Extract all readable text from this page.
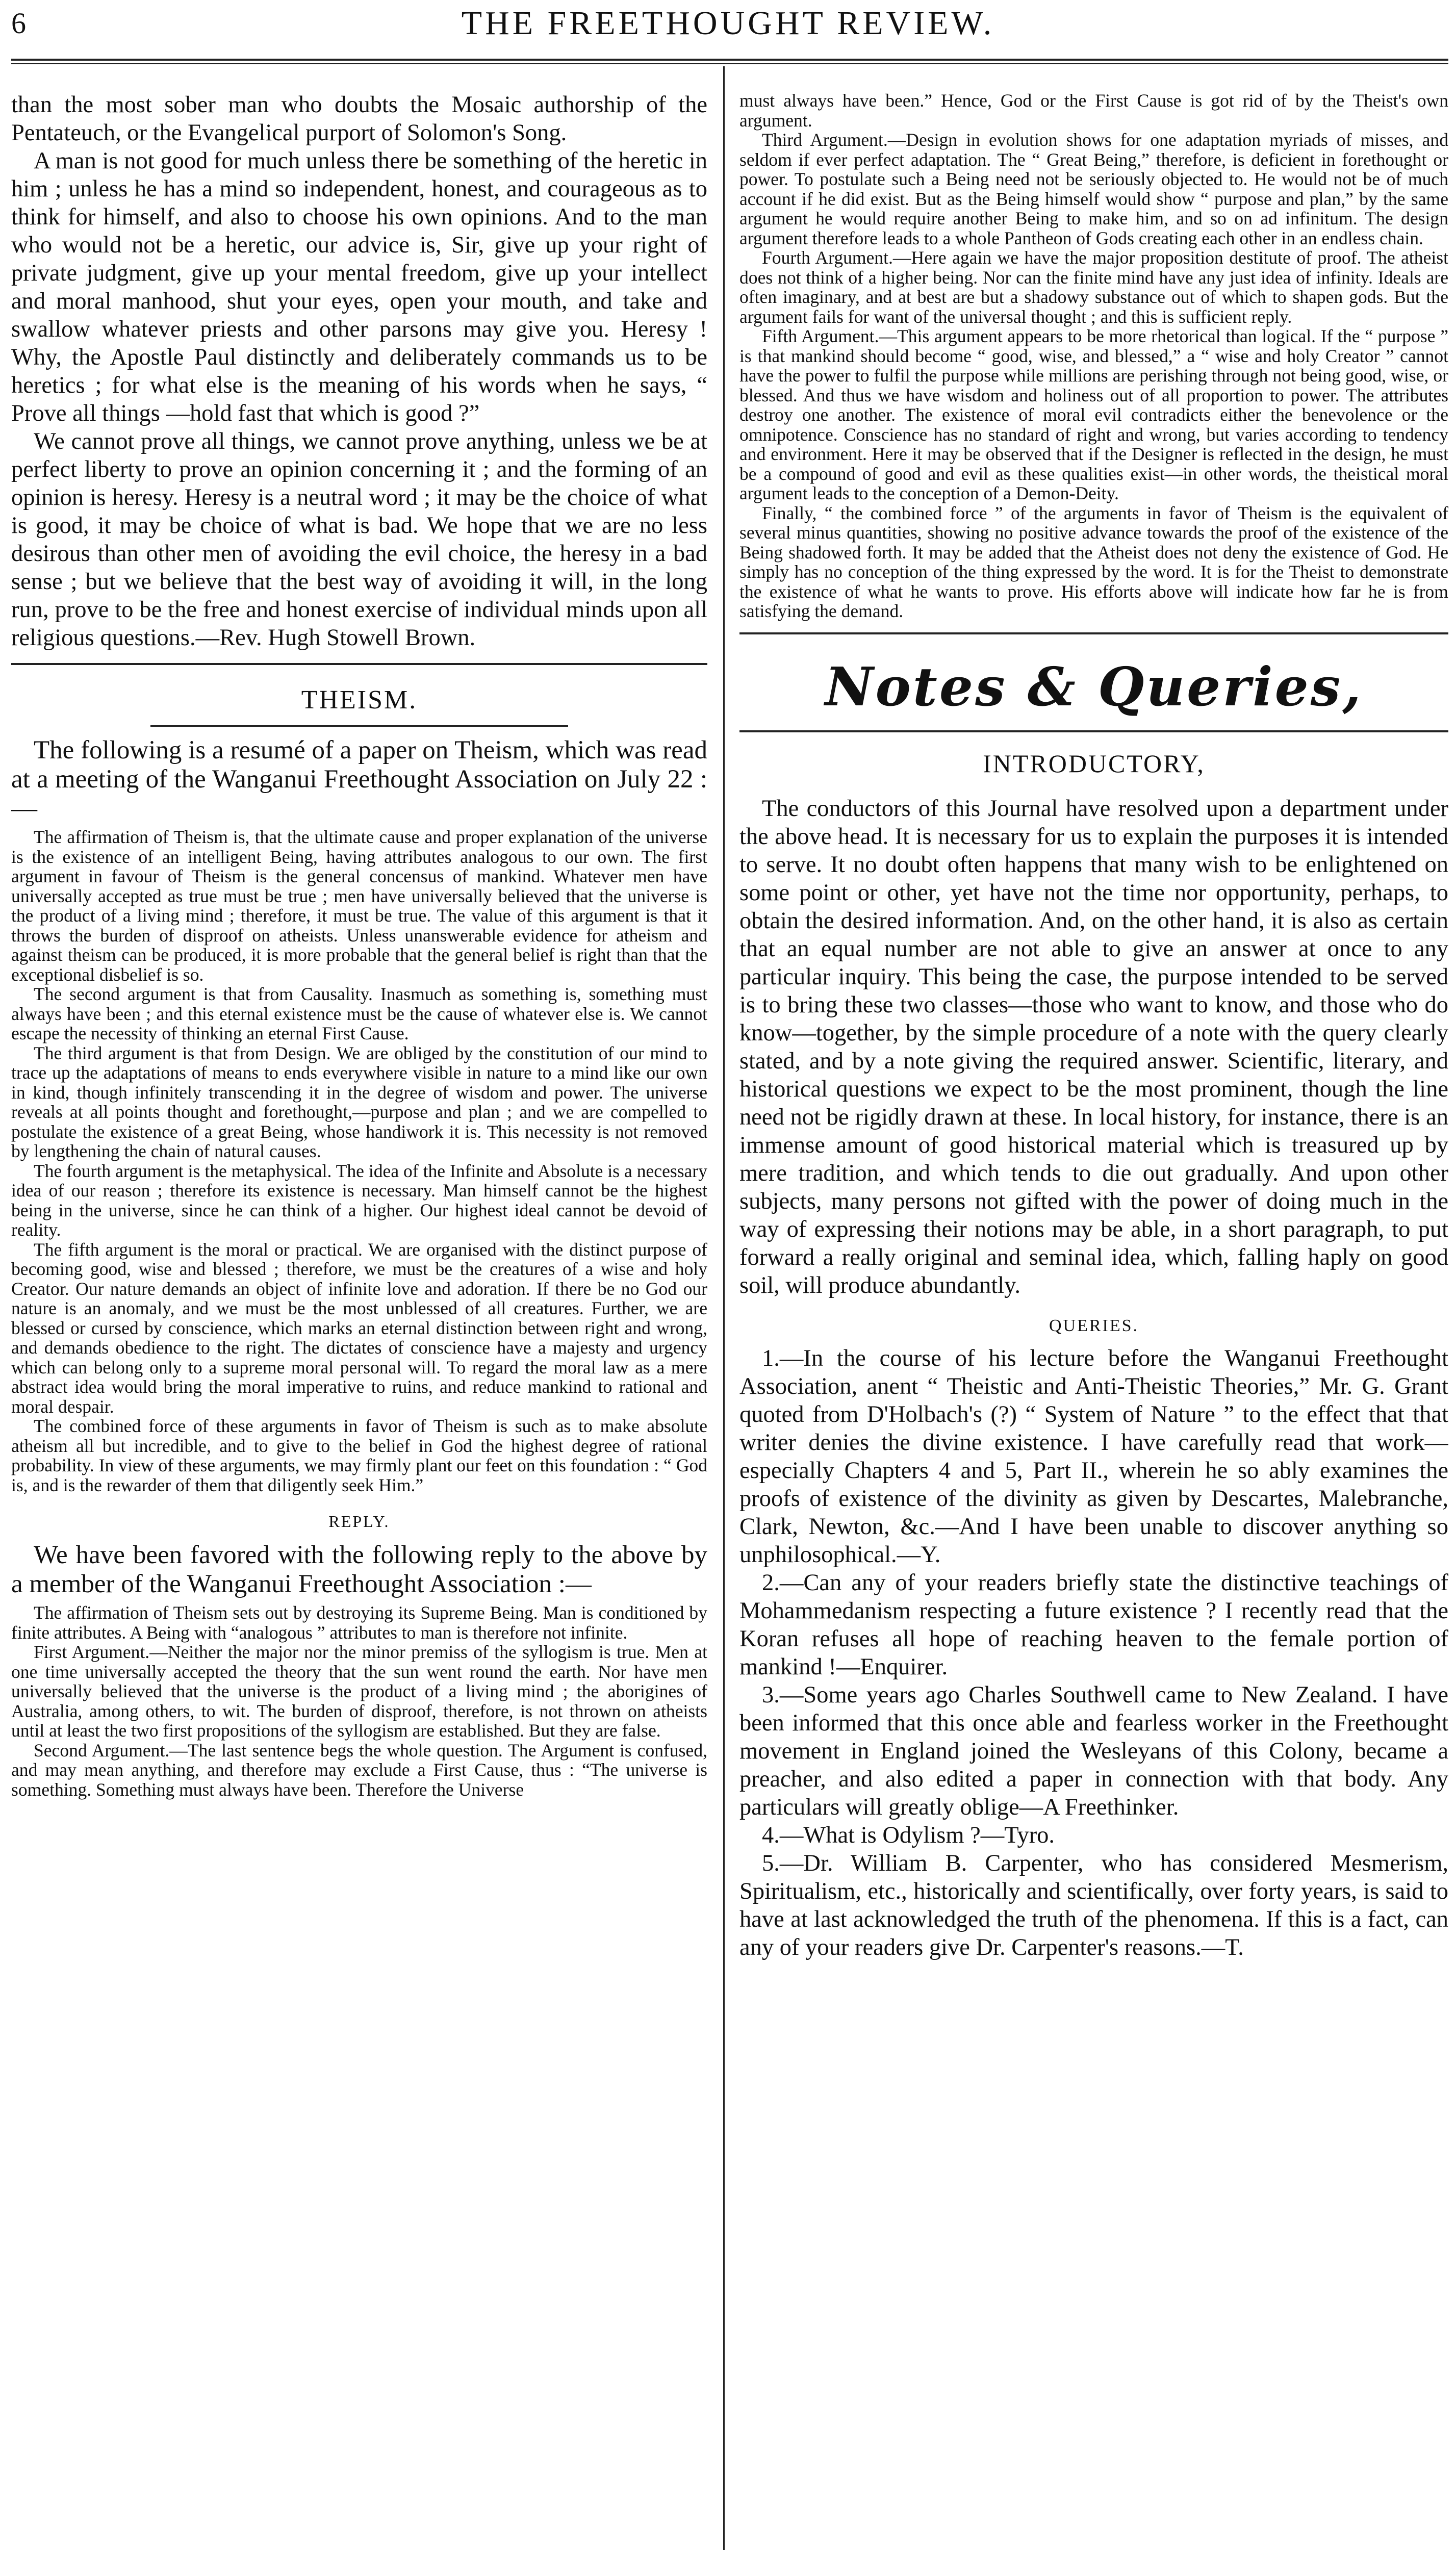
6	THE FREETHOUGHT REVIEW.

than the most sober man who doubts the Mosaic authorship of the Pentateuch, or the Evangelical purport of Solomon's Song.

A man is not good for much unless there be something of the heretic in him ; unless he has a mind so independent, honest, and courageous as to think for himself, and also to choose his own opinions. And to the man who would not be a heretic, our advice is, Sir, give up your right of private judgment, give up your mental freedom, give up your intellect and moral manhood, shut your eyes, open your mouth, and take and swallow whatever priests and other parsons may give you. Heresy ! Why, the Apostle Paul distinctly and deliberately commands us to be heretics ; for what else is the meaning of his words when he says, “ Prove all things —hold fast that which is good ?”

We cannot prove all things, we cannot prove anything, unless we be at perfect liberty to prove an opinion concerning it ; and the forming of an opinion is heresy. Heresy is a neutral word ; it may be the choice of what is good, it may be choice of what is bad. We hope that we are no less desirous than other men of avoiding the evil choice, the heresy in a bad sense ; but we believe that the best way of avoiding it will, in the long run, prove to be the free and honest exercise of individual minds upon all religious questions.—Rev. Hugh Stowell Brown.

THEISM.

The following is a resumé of a paper on Theism, which was read at a meeting of the Wanganui Freethought Association on July 22 :—

The affirmation of Theism is, that the ultimate cause and proper explanation of the universe is the existence of an intelligent Being, having attributes analogous to our own. The first argument in favour of Theism is the general concensus of mankind. Whatever men have universally accepted as true must be true ; men have universally believed that the universe is the product of a living mind ; therefore, it must be true. The value of this argument is that it throws the burden of disproof on atheists. Unless unanswerable evidence for atheism and against theism can be produced, it is more probable that the general belief is right than that the exceptional disbelief is so.

The second argument is that from Causality. Inasmuch as something is, something must always have been ; and this eternal existence must be the cause of whatever else is. We cannot escape the necessity of thinking an eternal First Cause.

The third argument is that from Design. We are obliged by the constitution of our mind to trace up the adaptations of means to ends everywhere visible in nature to a mind like our own in kind, though infinitely transcending it in the degree of wisdom and power. The universe reveals at all points thought and forethought,—purpose and plan ; and we are compelled to postulate the existence of a great Being, whose handiwork it is. This necessity is not removed by lengthening the chain of natural causes.

The fourth argument is the metaphysical. The idea of the Infinite and Absolute is a necessary idea of our reason ; therefore its existence is necessary. Man himself cannot be the highest being in the universe, since he can think of a higher. Our highest ideal cannot be devoid of reality.

The fifth argument is the moral or practical. We are organised with the distinct purpose of becoming good, wise and blessed ; therefore, we must be the creatures of a wise and holy Creator. Our nature demands an object of infinite love and adoration. If there be no God our nature is an anomaly, and we must be the most unblessed of all creatures. Further, we are blessed or cursed by conscience, which marks an eternal distinction between right and wrong, and demands obedience to the right. The dictates of conscience have a majesty and urgency which can belong only to a supreme moral personal will. To regard the moral law as a mere abstract idea would bring the moral imperative to ruins, and reduce mankind to rational and moral despair.

The combined force of these arguments in favor of Theism is such as to make absolute atheism all but incredible, and to give to the belief in God the highest degree of rational probability. In view of these arguments, we may firmly plant our feet on this foundation : “ God is, and is the rewarder of them that diligently seek Him.”

REPLY.

We have been favored with the following reply to the above by a member of the Wanganui Freethought Association :—

The affirmation of Theism sets out by destroying its Supreme Being. Man is conditioned by finite attributes. A Being with “analogous ” attributes to man is therefore not infinite.

First Argument.—Neither the major nor the minor premiss of the syllogism is true. Men at one time universally accepted the theory that the sun went round the earth. Nor have men universally believed that the universe is the product of a living mind ; the aborigines of Australia, among others, to wit. The burden of disproof, therefore, is not thrown on atheists until at least the two first propositions of the syllogism are established. But they are false.

Second Argument.—The last sentence begs the whole question. The Argument is confused, and may mean anything, and therefore may exclude a First Cause, thus : “The universe is something. Something must always have been. Therefore the Universe

must always have been.” Hence, God or the First Cause is got rid of by the Theist's own argument.

Third Argument.—Design in evolution shows for one adaptation myriads of misses, and seldom if ever perfect adaptation. The “ Great Being,” therefore, is deficient in forethought or power. To postulate such a Being need not be seriously objected to. He would not be of much account if he did exist. But as the Being himself would show “ purpose and plan,” by the same argument he would require another Being to make him, and so on ad infinitum. The design argument therefore leads to a whole Pantheon of Gods creating each other in an endless chain.

Fourth Argument.—Here again we have the major proposition destitute of proof. The atheist does not think of a higher being. Nor can the finite mind have any just idea of infinity. Ideals are often imaginary, and at best are but a shadowy substance out of which to shapen gods. But the argument fails for want of the universal thought ; and this is sufficient reply.

Fifth Argument.—This argument appears to be more rhetorical than logical. If the “ purpose ” is that mankind should become “ good, wise, and blessed,” a “ wise and holy Creator ” cannot have the power to fulfil the purpose while millions are perishing through not being good, wise, or blessed. And thus we have wisdom and holiness out of all proportion to power. The attributes destroy one another. The existence of moral evil contradicts either the benevolence or the omnipotence. Conscience has no standard of right and wrong, but varies according to tendency and environment. Here it may be observed that if the Designer is reflected in the design, he must be a compound of good and evil as these qualities exist—in other words, the theistical moral argument leads to the conception of a Demon-Deity.

Finally, “ the combined force ” of the arguments in favor of Theism is the equivalent of several minus quantities, showing no positive advance towards the proof of the existence of the Being shadowed forth. It may be added that the Atheist does not deny the existence of God. He simply has no conception of the thing expressed by the word. It is for the Theist to demonstrate the existence of what he wants to prove. His efforts above will indicate how far he is from satisfying the demand.

Notes & Queries,
INTRODUCTORY,

The conductors of this Journal have resolved upon a department under the above head. It is necessary for us to explain the purposes it is intended to serve. It no doubt often happens that many wish to be enlightened on some point or other, yet have not the time nor opportunity, perhaps, to obtain the desired information. And, on the other hand, it is also as certain that an equal number are not able to give an answer at once to any particular inquiry. This being the case, the purpose intended to be served is to bring these two classes—those who want to know, and those who do know—together, by the simple procedure of a note with the query clearly stated, and by a note giving the required answer. Scientific, literary, and historical questions we expect to be the most prominent, though the line need not be rigidly drawn at these. In local history, for instance, there is an immense amount of good historical material which is treasured up by mere tradition, and which tends to die out gradually. And upon other subjects, many persons not gifted with the power of doing much in the way of expressing their notions may be able, in a short paragraph, to put forward a really original and seminal idea, which, falling haply on good soil, will produce abundantly.

QUERIES.

1.—In the course of his lecture before the Wanganui Freethought Association, anent “ Theistic and Anti-Theistic Theories,” Mr. G. Grant quoted from D'Holbach's (?) “ System of Nature ” to the effect that that writer denies the divine existence. I have carefully read that work—especially Chapters 4 and 5, Part II., wherein he so ably examines the proofs of existence of the divinity as given by Descartes, Malebranche, Clark, Newton, &c.—And I have been unable to discover anything so unphilosophical.—Y.

2.—Can any of your readers briefly state the distinctive teachings of Mohammedanism respecting a future existence ? I recently read that the Koran refuses all hope of reaching heaven to the female portion of mankind !—Enquirer.

3.—Some years ago Charles Southwell came to New Zealand. I have been informed that this once able and fearless worker in the Freethought movement in England joined the Wesleyans of this Colony, became a preacher, and also edited a paper in connection with that body. Any particulars will greatly oblige—A Freethinker.

4.—What is Odylism ?—Tyro.

5.—Dr. William B. Carpenter, who has considered Mesmerism, Spiritualism, etc., historically and scientifically, over forty years, is said to have at last acknowledged the truth of the phenomena. If this is a fact, can any of your readers give Dr. Carpenter's reasons.—T.
